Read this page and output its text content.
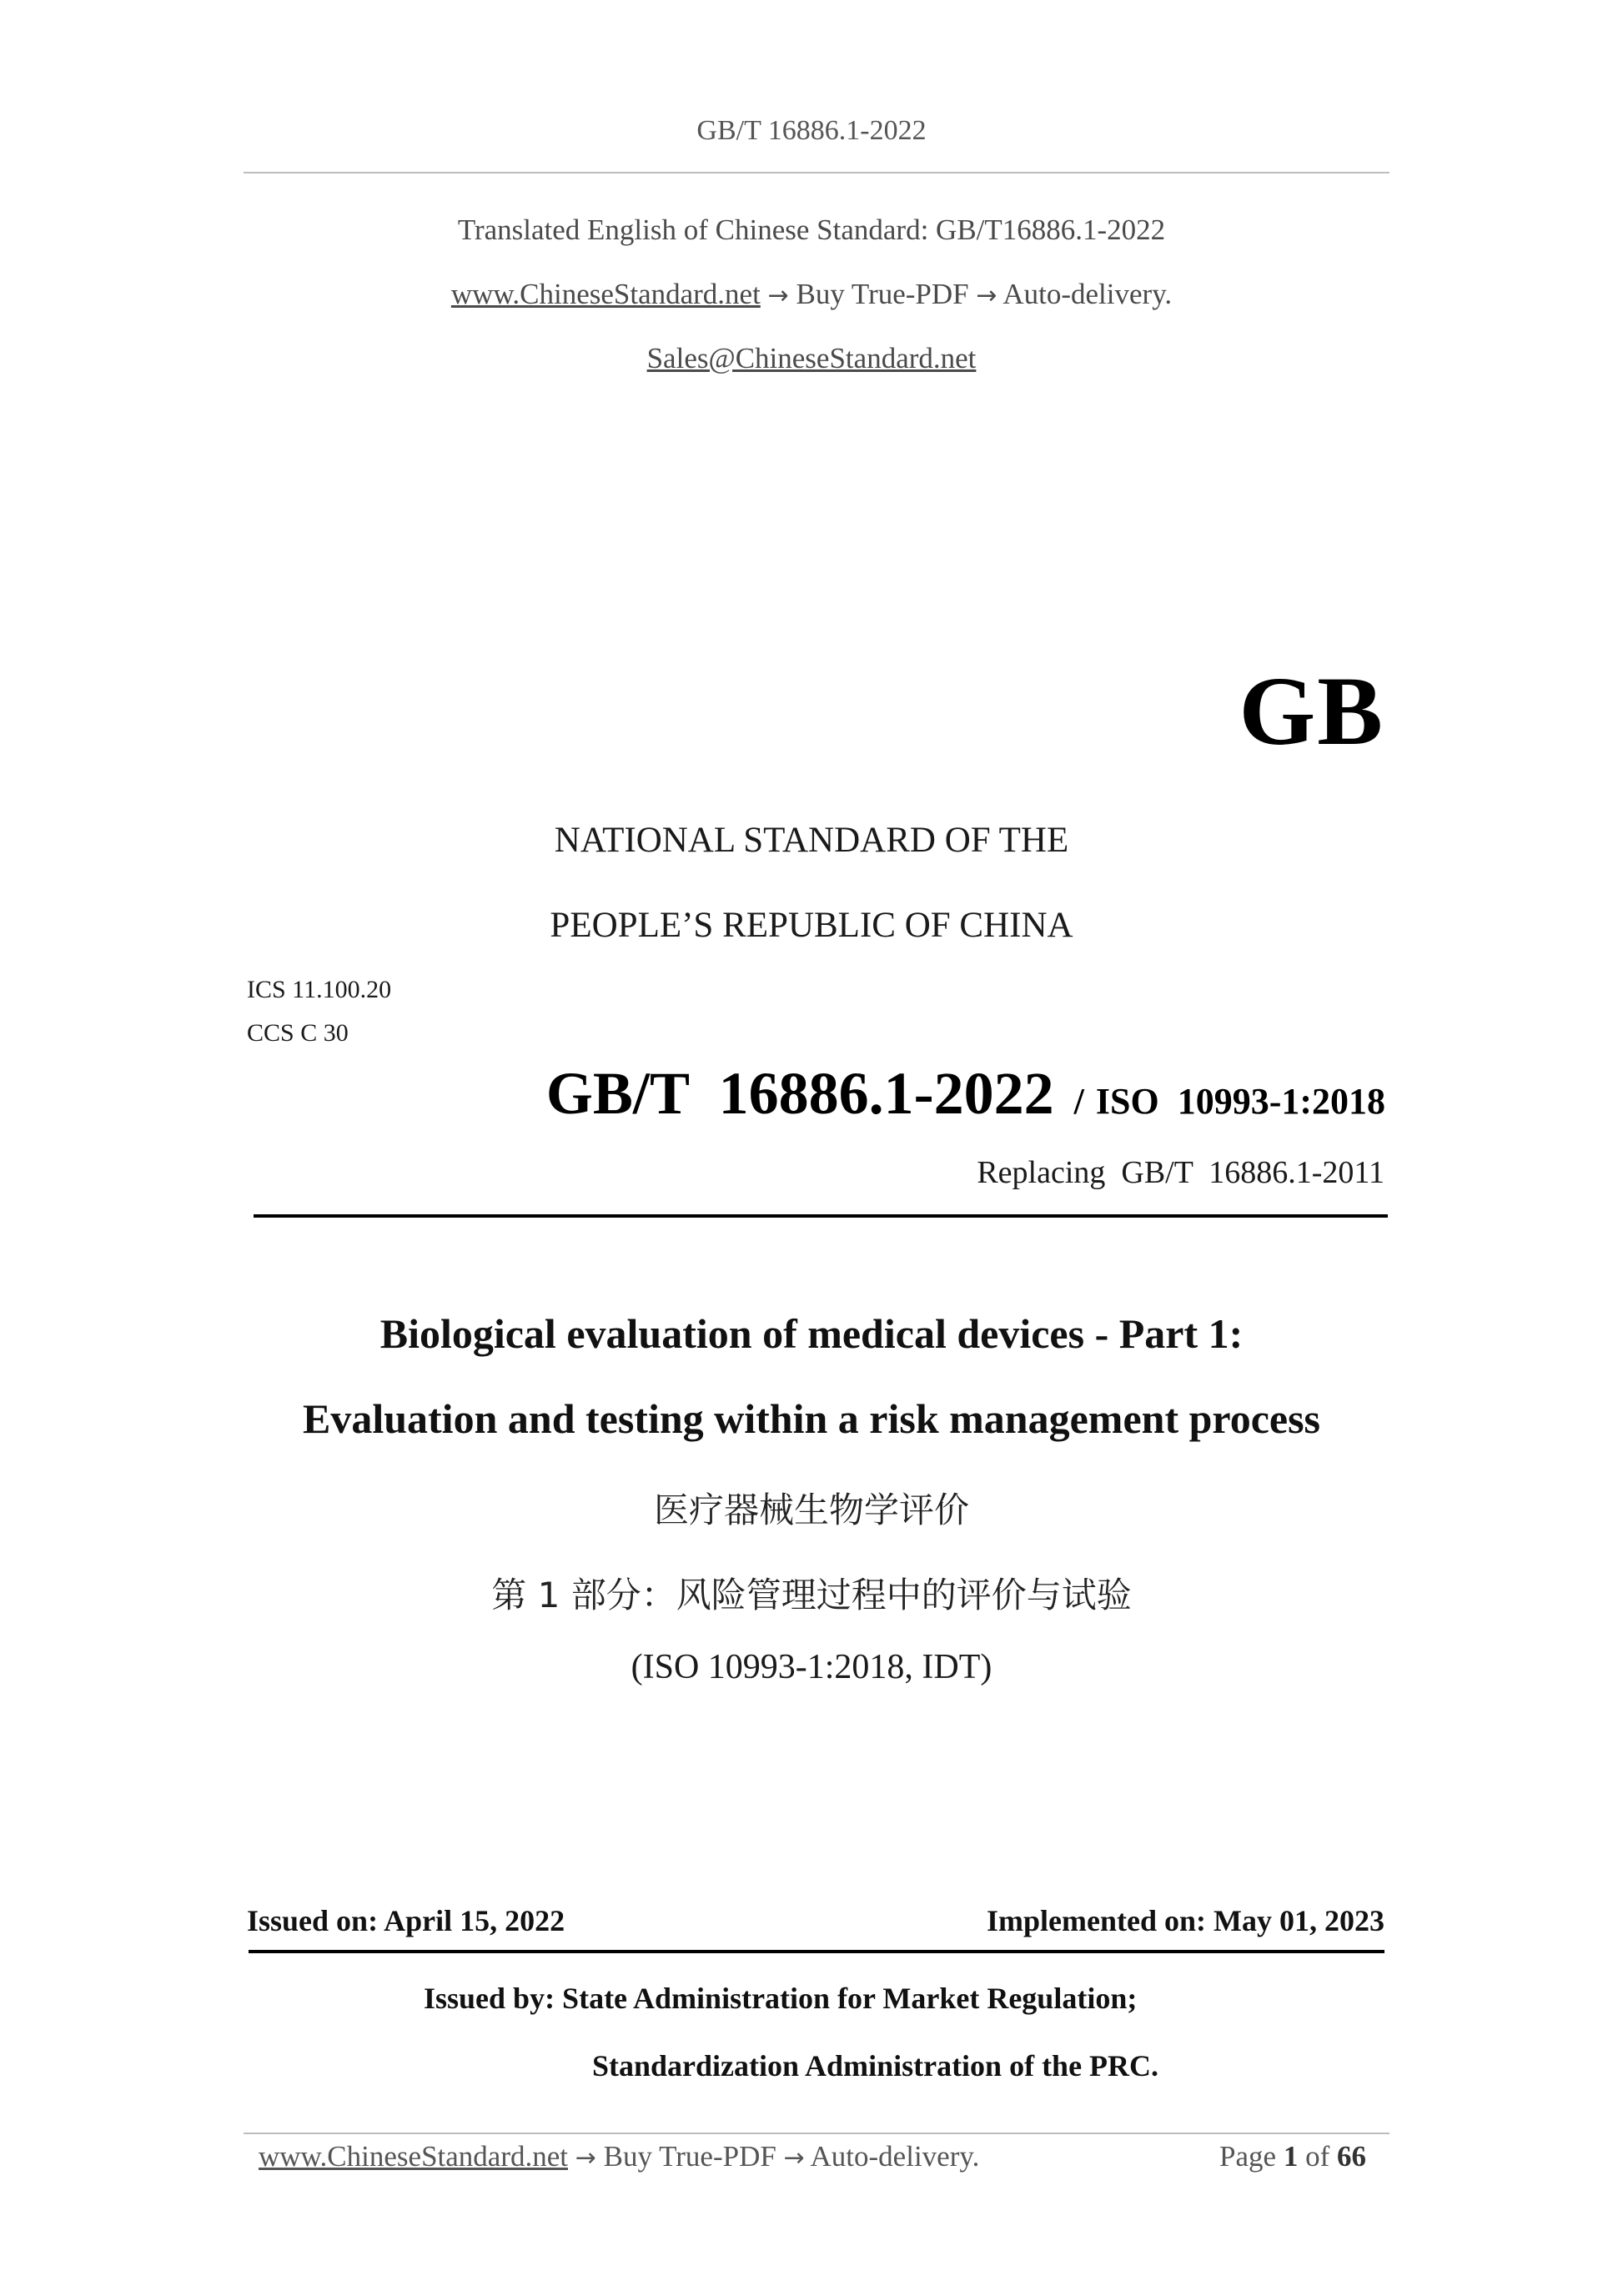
GB/T 16886.1-2022
Translated English of Chinese Standard: GB/T16886.1-2022
www.ChineseStandard.net → Buy True-PDF → Auto-delivery.
Sales@ChineseStandard.net
GB
NATIONAL STANDARD OF THE
PEOPLE’S REPUBLIC OF CHINA
ICS 11.100.20
CCS C 30
GB/T  16886.1-2022 / ISO  10993-1:2018
Replacing  GB/T  16886.1-2011
Biological evaluation of medical devices - Part 1:
Evaluation and testing within a risk management process
医疗器械生物学评价
第 1 部分：风险管理过程中的评价与试验
(ISO 10993-1:2018, IDT)
Issued on: April 15, 2022	Implemented on: May 01, 2023
Issued by: State Administration for Market Regulation;
Standardization Administration of the PRC.
www.ChineseStandard.net → Buy True-PDF → Auto-delivery.	Page 1 of 66
